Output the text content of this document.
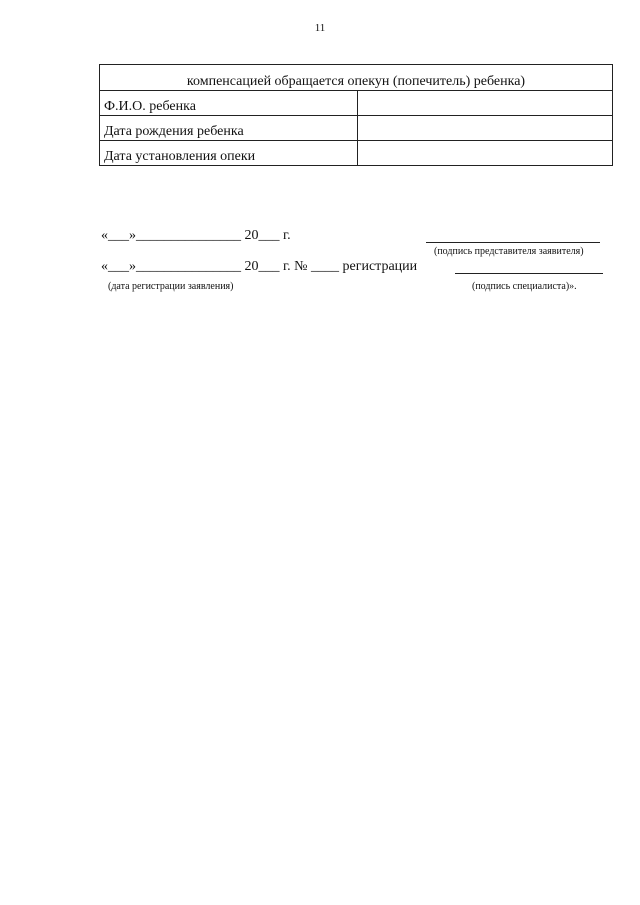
11
компенсацией обращается опекун (попечитель) ребенка)	
Ф.И.О. ребенка	
Дата рождения ребенка	
Дата установления опеки	
«___»_______________ 20___ г.
(подпись представителя заявителя)
«___»_______________ 20___ г. № ____ регистрации
(дата регистрации заявления)	(подпись специалиста)».
